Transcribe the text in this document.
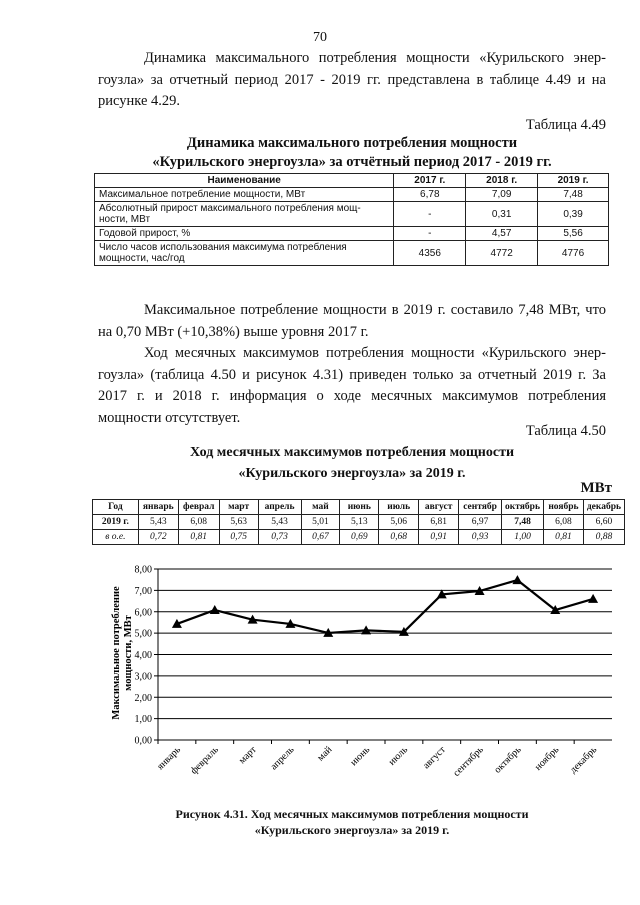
70
Динамика максимального потребления мощности «Курильского энер-гоузла» за отчетный период 2017 - 2019 гг. представлена в таблице 4.49 и на рисунке 4.29.
Таблица 4.49
Динамика максимального потребления мощности
«Курильского энергоузла» за отчётный период 2017 - 2019 гг.
Наименование	2017 г.	2018 г.	2019 г.
Максимальное потребление мощности, МВт	6,78	7,09	7,48
Абсолютный прирост максимального потребления мощ-ности, МВт	-	0,31	0,39
Годовой прирост, %	-	4,57	5,56
Число часов использования максимума потребления мощности, час/год	4356	4772	4776
Максимальное потребление мощности в 2019 г. составило 7,48 МВт, что на 0,70 МВт (+10,38%) выше уровня 2017 г.
Ход месячных максимумов потребления мощности «Курильского энер-гоузла» (таблица 4.50 и рисунок 4.31) приведен только за отчетный 2019 г. За 2017 г. и 2018 г. информация о ходе месячных максимумов потребления мощности отсутствует.
Таблица 4.50
Ход месячных максимумов потребления мощности
«Курильского энергоузла» за 2019 г.
МВт
Год	январь	феврал	март	апрель	май	июнь	июль	август	сентябр	октябрь	ноябрь	декабрь
2019 г.	5,43	6,08	5,63	5,43	5,01	5,13	5,06	6,81	6,97	7,48	6,08	6,60
в о.е.	0,72	0,81	0,75	0,73	0,67	0,69	0,68	0,91	0,93	1,00	0,81	0,88
0,00
1,00
2,00
3,00
4,00
5,00
6,00
7,00
8,00
январь февраль март апрель май июнь июль август сентябрь октябрь ноябрь декабрь
Максимальное потребление мощности, МВт
Рисунок 4.31. Ход месячных максимумов потребления мощности
«Курильского энергоузла» за 2019 г.
